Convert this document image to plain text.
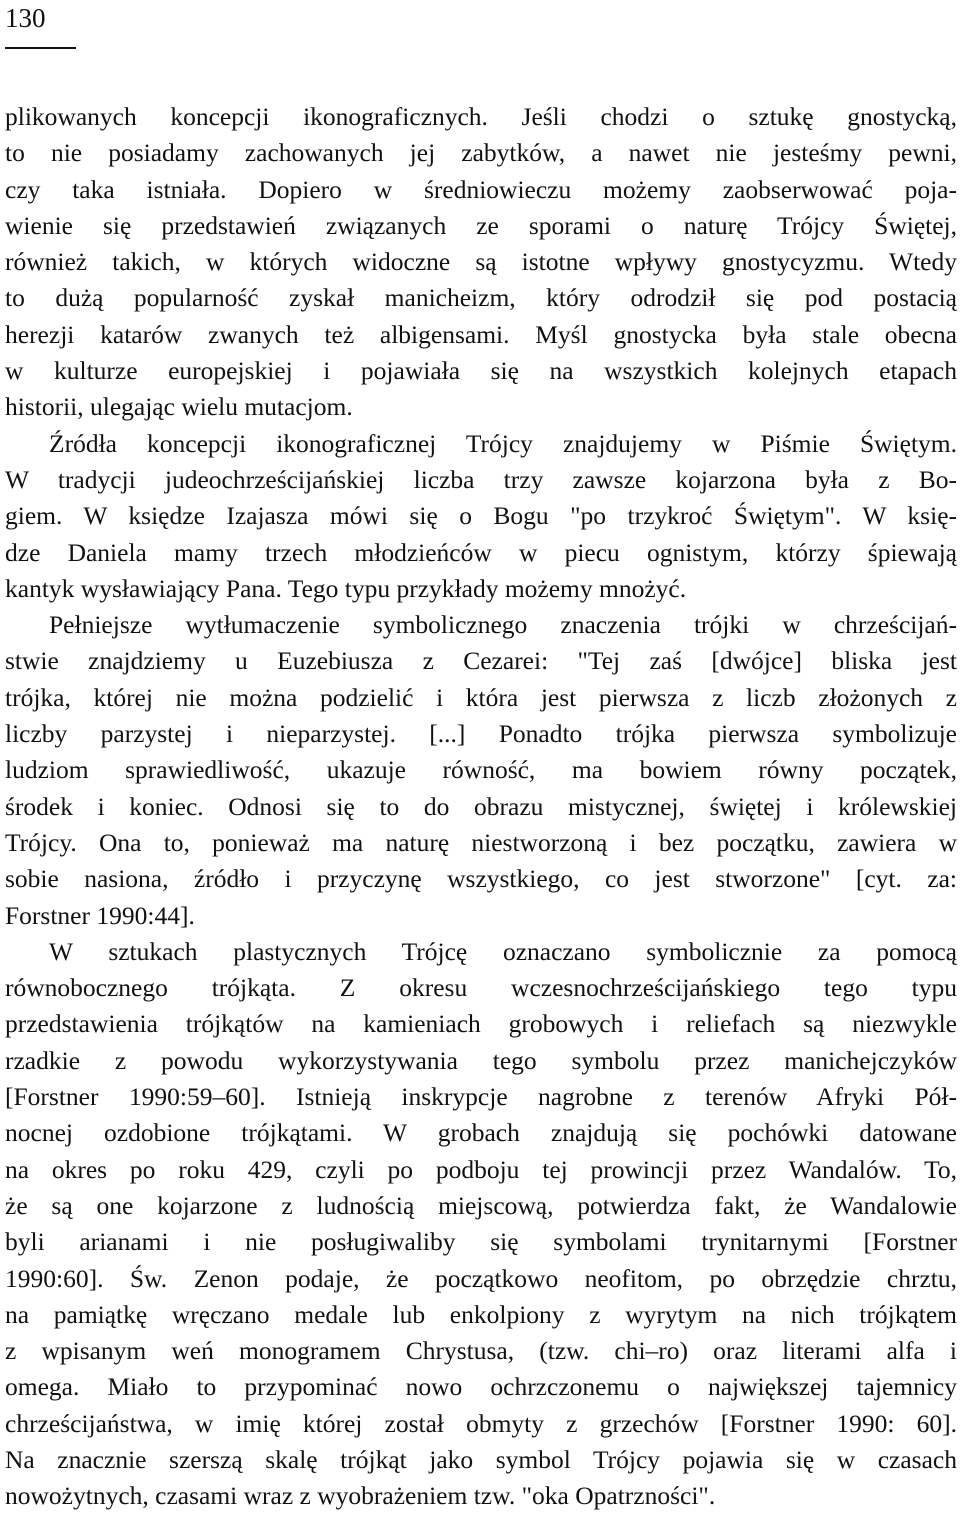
130
plikowanych koncepcji ikonograficznych. Jeśli chodzi o sztukę gnostycką,
to nie posiadamy zachowanych jej zabytków, a nawet nie jesteśmy pewni,
czy taka istniała. Dopiero w średniowieczu możemy zaobserwować poja-
wienie się przedstawień związanych ze sporami o naturę Trójcy Świętej,
również takich, w których widoczne są istotne wpływy gnostycyzmu. Wtedy
to dużą popularność zyskał manicheizm, który odrodził się pod postacią
herezji katarów zwanych też albigensami. Myśl gnostycka była stale obecna
w kulturze europejskiej i pojawiała się na wszystkich kolejnych etapach
historii, ulegając wielu mutacjom.
Źródła koncepcji ikonograficznej Trójcy znajdujemy w Piśmie Świętym.
W tradycji judeochrześcijańskiej liczba trzy zawsze kojarzona była z Bo-
giem. W księdze Izajasza mówi się o Bogu "po trzykroć Świętym". W księ-
dze Daniela mamy trzech młodzieńców w piecu ognistym, którzy śpiewają
kantyk wysławiający Pana. Tego typu przykłady możemy mnożyć.
Pełniejsze wytłumaczenie symbolicznego znaczenia trójki w chrześcijań-
stwie znajdziemy u Euzebiusza z Cezarei: "Tej zaś [dwójce] bliska jest
trójka, której nie można podzielić i która jest pierwsza z liczb złożonych z
liczby parzystej i nieparzystej. [...] Ponadto trójka pierwsza symbolizuje
ludziom sprawiedliwość, ukazuje równość, ma bowiem równy początek,
środek i koniec. Odnosi się to do obrazu mistycznej, świętej i królewskiej
Trójcy. Ona to, ponieważ ma naturę niestworzoną i bez początku, zawiera w
sobie nasiona, źródło i przyczynę wszystkiego, co jest stworzone" [cyt. za:
Forstner 1990:44].
W sztukach plastycznych Trójcę oznaczano symbolicznie za pomocą
równobocznego trójkąta. Z okresu wczesnochrześcijańskiego tego typu
przedstawienia trójkątów na kamieniach grobowych i reliefach są niezwykle
rzadkie z powodu wykorzystywania tego symbolu przez manichejczyków
[Forstner 1990:59–60]. Istnieją inskrypcje nagrobne z terenów Afryki Pół-
nocnej ozdobione trójkątami. W grobach znajdują się pochówki datowane
na okres po roku 429, czyli po podboju tej prowincji przez Wandalów. To,
że są one kojarzone z ludnością miejscową, potwierdza fakt, że Wandalowie
byli arianami i nie posługiwaliby się symbolami trynitarnymi [Forstner
1990:60]. Św. Zenon podaje, że początkowo neofitom, po obrzędzie chrztu,
na pamiątkę wręczano medale lub enkolpiony z wyrytym na nich trójkątem
z wpisanym weń monogramem Chrystusa, (tzw. chi–ro) oraz literami alfa i
omega. Miało to przypominać nowo ochrzczonemu o największej tajemnicy
chrześcijaństwa, w imię której został obmyty z grzechów [Forstner 1990: 60].
Na znacznie szerszą skalę trójkąt jako symbol Trójcy pojawia się w czasach
nowożytnych, czasami wraz z wyobrażeniem tzw. "oka Opatrzności".
